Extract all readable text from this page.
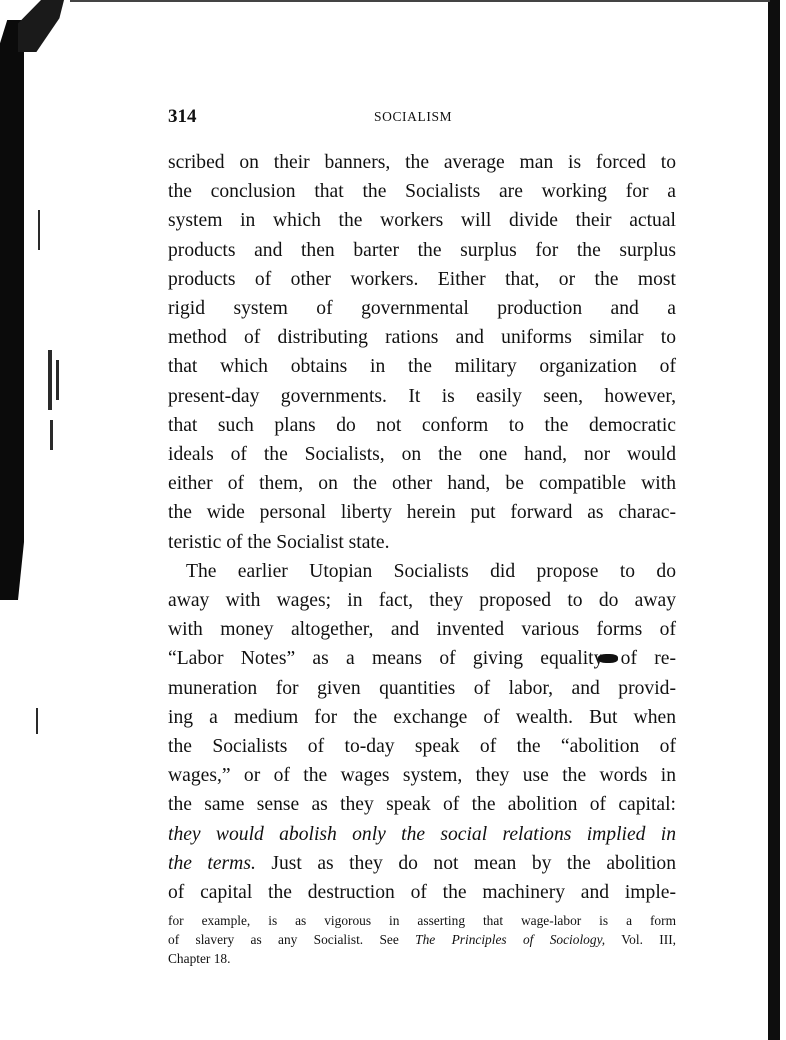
314	SOCIALISM
scribed on their banners, the average man is forced to
the conclusion that the Socialists are working for a
system in which the workers will divide their actual
products and then barter the surplus for the surplus
products of other workers. Either that, or the most
rigid system of governmental production and a
method of distributing rations and uniforms similar to
that which obtains in the military organization of
present-day governments. It is easily seen, however,
that such plans do not conform to the democratic
ideals of the Socialists, on the one hand, nor would
either of them, on the other hand, be compatible with
the wide personal liberty herein put forward as charac-
teristic of the Socialist state.
The earlier Utopian Socialists did propose to do
away with wages; in fact, they proposed to do away
with money altogether, and invented various forms of
“Labor Notes” as a means of giving equality of re-
muneration for given quantities of labor, and provid-
ing a medium for the exchange of wealth. But when
the Socialists of to-day speak of the “abolition of
wages,” or of the wages system, they use the words in
the same sense as they speak of the abolition of capital:
they would abolish only the social relations implied in
the terms. Just as they do not mean by the abolition
of capital the destruction of the machinery and imple-
for example, is as vigorous in asserting that wage-labor is a form
of slavery as any Socialist. See The Principles of Sociology, Vol. III,
Chapter 18.
